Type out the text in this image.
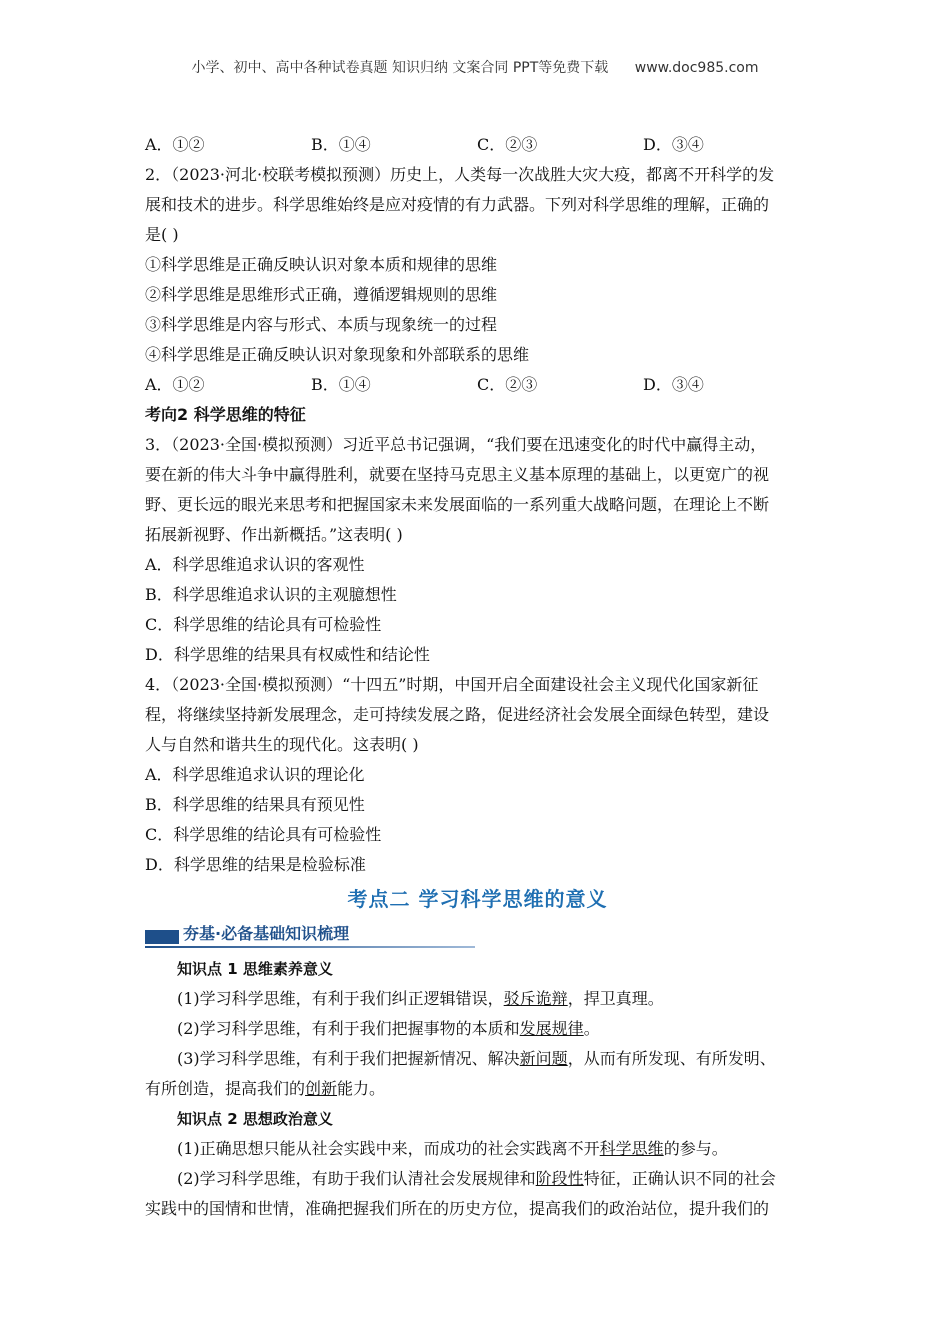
小学、初中、高中各种试卷真题 知识归纳 文案合同 PPT等免费下载 www.doc985.com
A．①②	B．①④	C．②③	D．③④
2．（2023·河北·校联考模拟预测）历史上，人类每一次战胜大灾大疫，都离不开科学的发
展和技术的进步。科学思维始终是应对疫情的有力武器。下列对科学思维的理解，正确的
是( )
①科学思维是正确反映认识对象本质和规律的思维
②科学思维是思维形式正确，遵循逻辑规则的思维
③科学思维是内容与形式、本质与现象统一的过程
④科学思维是正确反映认识对象现象和外部联系的思维
A．①②	B．①④	C．②③	D．③④
考向2 科学思维的特征
3．（2023·全国·模拟预测）习近平总书记强调，“我们要在迅速变化的时代中赢得主动，
要在新的伟大斗争中赢得胜利，就要在坚持马克思主义基本原理的基础上，以更宽广的视
野、更长远的眼光来思考和把握国家未来发展面临的一系列重大战略问题，在理论上不断
拓展新视野、作出新概括。”这表明( )
A．科学思维追求认识的客观性
B．科学思维追求认识的主观臆想性
C．科学思维的结论具有可检验性
D．科学思维的结果具有权威性和结论性
4．（2023·全国·模拟预测）“十四五”时期，中国开启全面建设社会主义现代化国家新征
程，将继续坚持新发展理念，走可持续发展之路，促进经济社会发展全面绿色转型，建设
人与自然和谐共生的现代化。这表明( )
A．科学思维追求认识的理论化
B．科学思维的结果具有预见性
C．科学思维的结论具有可检验性
D．科学思维的结果是检验标准
考点二 学习科学思维的意义
夯基·必备基础知识梳理
知识点 1 思维素养意义
(1)学习科学思维，有利于我们纠正逻辑错误，驳斥诡辩，捍卫真理。
(2)学习科学思维，有利于我们把握事物的本质和发展规律。
(3)学习科学思维，有利于我们把握新情况、解决新问题，从而有所发现、有所发明、
有所创造，提高我们的创新能力。
知识点 2 思想政治意义
(1)正确思想只能从社会实践中来，而成功的社会实践离不开科学思维的参与。
(2)学习科学思维，有助于我们认清社会发展规律和阶段性特征，正确认识不同的社会
实践中的国情和世情，准确把握我们所在的历史方位，提高我们的政治站位，提升我们的
